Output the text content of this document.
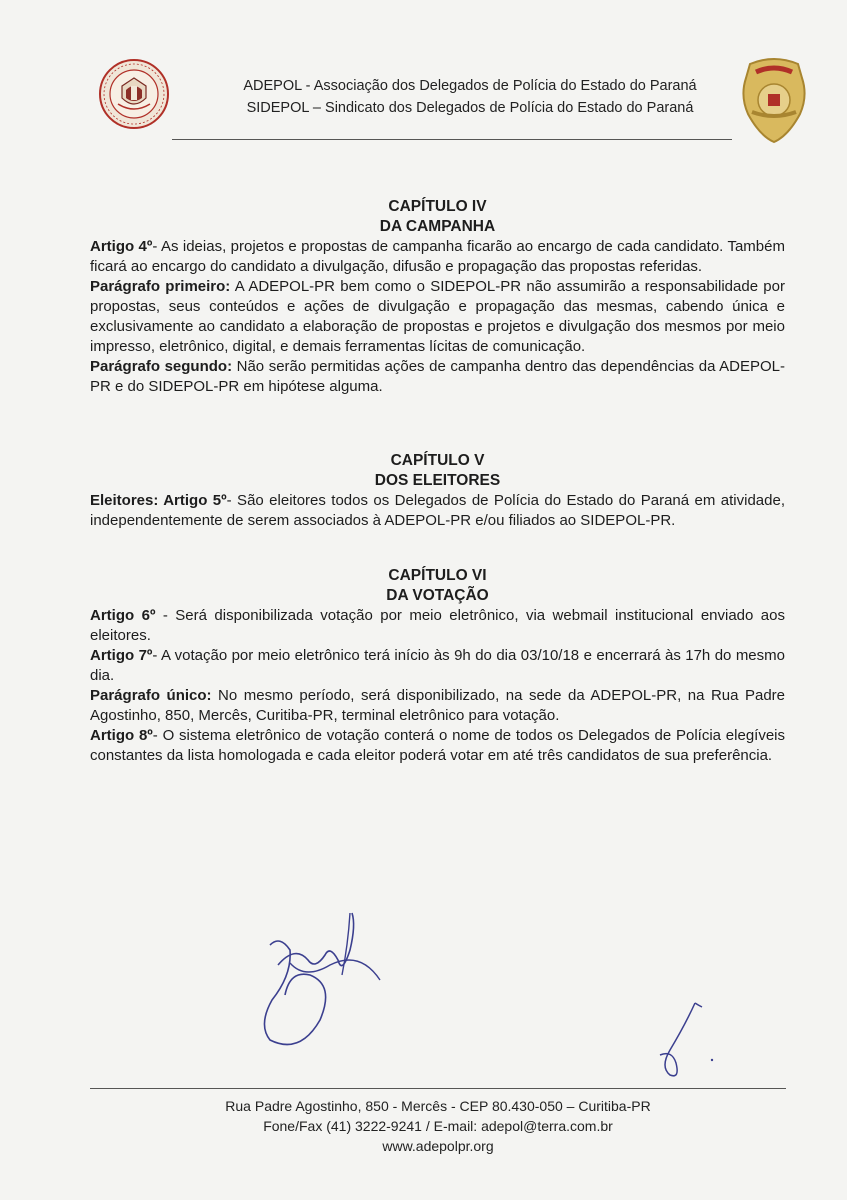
ADEPOL - Associação dos Delegados de Polícia do Estado do Paraná
SIDEPOL – Sindicato dos Delegados de Polícia do Estado do Paraná
CAPÍTULO IV
DA CAMPANHA

Artigo 4º- As ideias, projetos e propostas de campanha ficarão ao encargo de cada candidato. Também ficará ao encargo do candidato a divulgação, difusão e propagação das propostas referidas.

Parágrafo primeiro: A ADEPOL-PR bem como o SIDEPOL-PR não assumirão a responsabilidade por propostas, seus conteúdos e ações de divulgação e propagação das mesmas, cabendo única e exclusivamente ao candidato a elaboração de propostas e projetos e divulgação dos mesmos por meio impresso, eletrônico, digital, e demais ferramentas lícitas de comunicação.

Parágrafo segundo: Não serão permitidas ações de campanha dentro das dependências da ADEPOL-PR e do SIDEPOL-PR em hipótese alguma.

CAPÍTULO V
DOS ELEITORES

Eleitores: Artigo 5º- São eleitores todos os Delegados de Polícia do Estado do Paraná em atividade, independentemente de serem associados à ADEPOL-PR e/ou filiados ao SIDEPOL-PR.

CAPÍTULO VI
DA VOTAÇÃO

Artigo 6º - Será disponibilizada votação por meio eletrônico, via webmail institucional enviado aos eleitores.

Artigo 7º- A votação por meio eletrônico terá início às 9h do dia 03/10/18 e encerrará às 17h do mesmo dia.

Parágrafo único: No mesmo período, será disponibilizado, na sede da ADEPOL-PR, na Rua Padre Agostinho, 850, Mercês, Curitiba-PR, terminal eletrônico para votação.

Artigo 8º- O sistema eletrônico de votação conterá o nome de todos os Delegados de Polícia elegíveis constantes da lista homologada e cada eleitor poderá votar em até três candidatos de sua preferência.

Rua Padre Agostinho, 850 - Mercês - CEP 80.430-050 – Curitiba-PR
Fone/Fax (41) 3222-9241 / E-mail: adepol@terra.com.br
www.adepolpr.org
